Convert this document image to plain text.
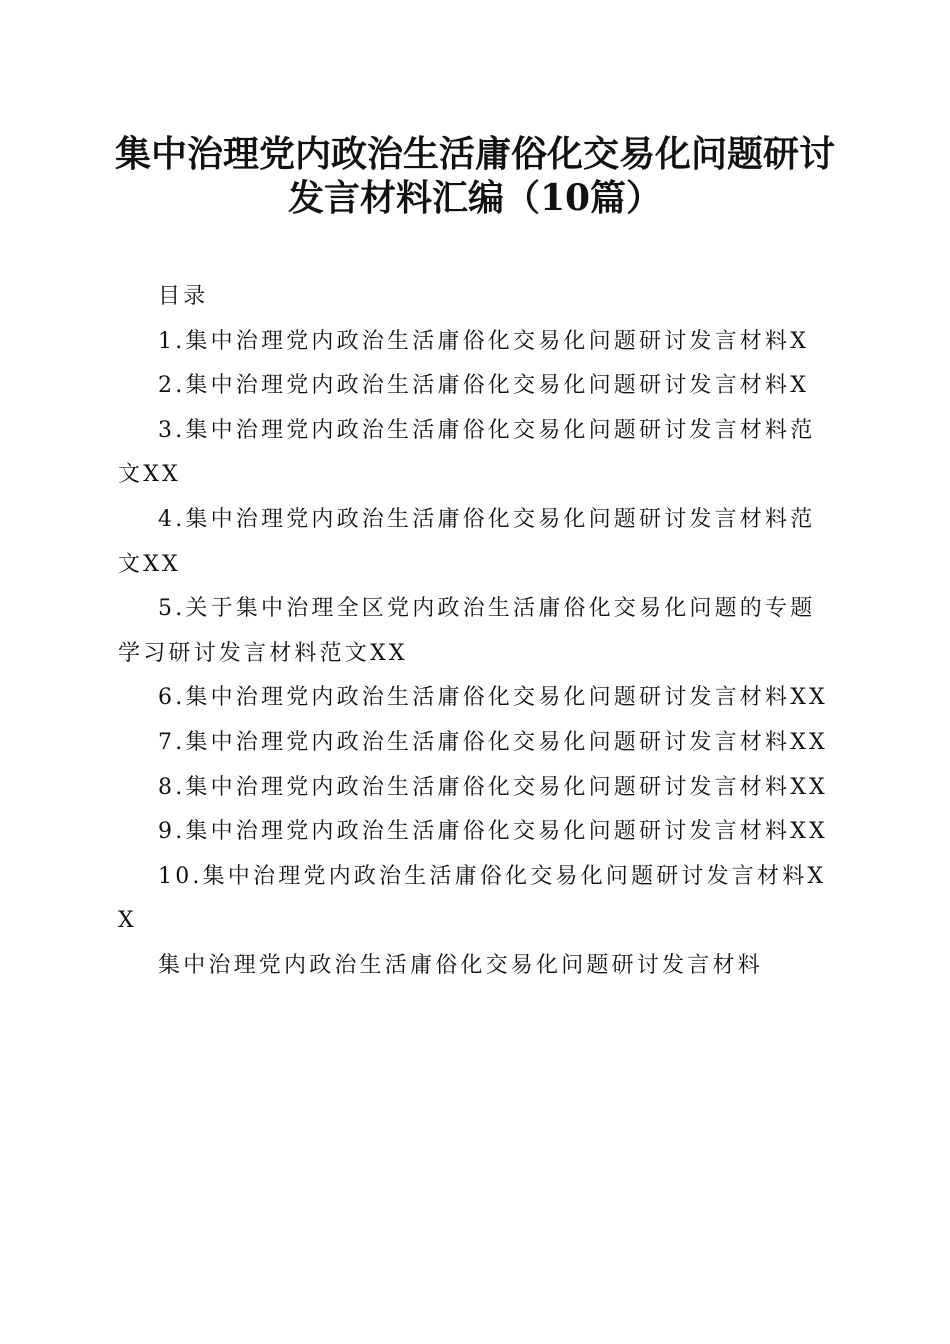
集中治理党内政治生活庸俗化交易化问题研讨
发言材料汇编（10篇）

目录

1.集中治理党内政治生活庸俗化交易化问题研讨发言材料X

2.集中治理党内政治生活庸俗化交易化问题研讨发言材料X

3.集中治理党内政治生活庸俗化交易化问题研讨发言材料范文XX

4.集中治理党内政治生活庸俗化交易化问题研讨发言材料范文XX

5.关于集中治理全区党内政治生活庸俗化交易化问题的专题学习研讨发言材料范文XX

6.集中治理党内政治生活庸俗化交易化问题研讨发言材料XX

7.集中治理党内政治生活庸俗化交易化问题研讨发言材料XX

8.集中治理党内政治生活庸俗化交易化问题研讨发言材料XX

9.集中治理党内政治生活庸俗化交易化问题研讨发言材料XX

10.集中治理党内政治生活庸俗化交易化问题研讨发言材料XX

集中治理党内政治生活庸俗化交易化问题研讨发言材料
